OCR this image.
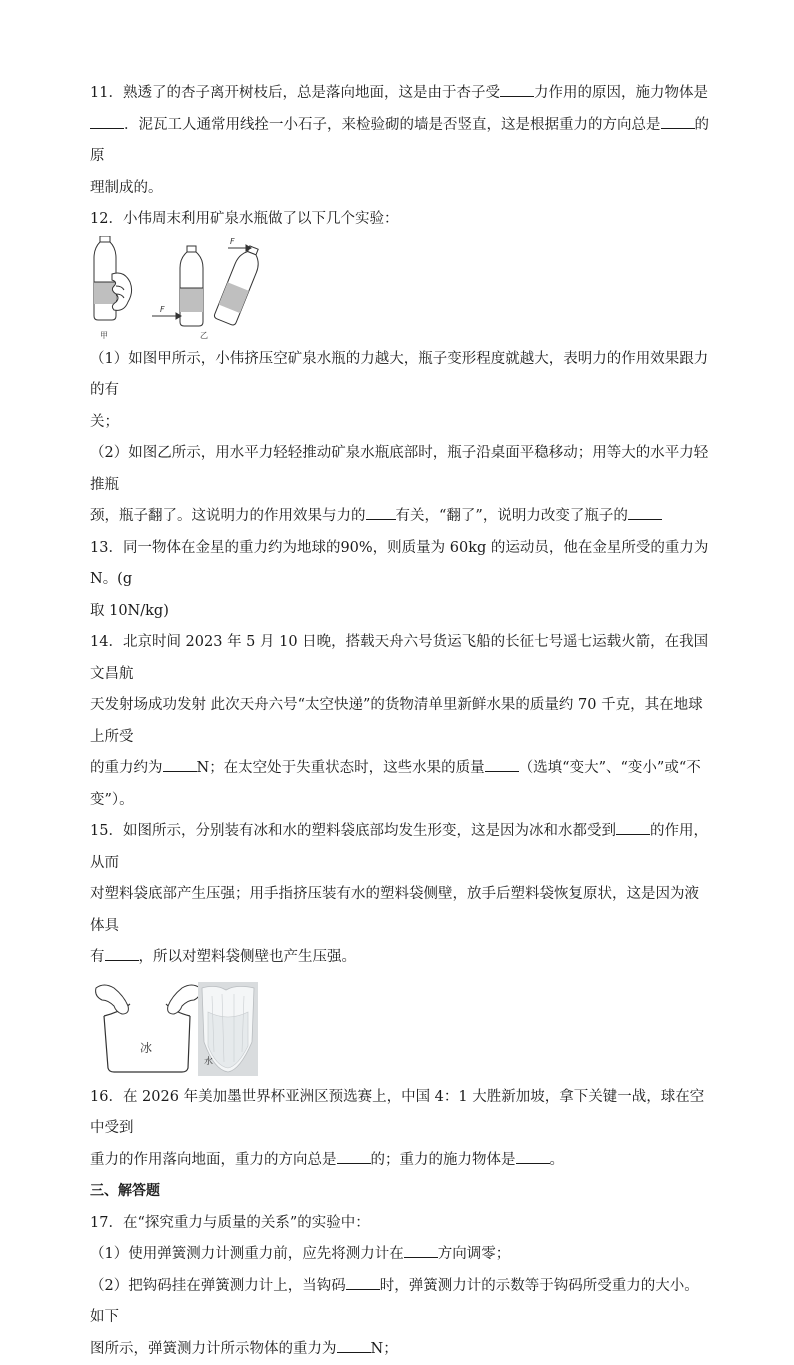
11．熟透了的杏子离开树枝后，总是落向地面，这是由于杏子受 力作用的原因，施力物体是

．泥瓦工人通常用线拴一小石子，来检验砌的墙是否竖直，这是根据重力的方向总是 的原

理制成的。

12．小伟周末利用矿泉水瓶做了以下几个实验：

F
F
甲	乙

（1）如图甲所示，小伟挤压空矿泉水瓶的力越大，瓶子变形程度就越大，表明力的作用效果跟力的有

关；

（2）如图乙所示，用水平力轻轻推动矿泉水瓶底部时，瓶子沿桌面平稳移动；用等大的水平力轻推瓶

颈，瓶子翻了。这说明力的作用效果与力的 有关，“翻了”，说明力改变了瓶子的

13．同一物体在金星的重力约为地球的90%，则质量为 60kg 的运动员，他在金星所受的重力为 N。(g

取 10N/kg)

14．北京时间 2023 年 5 月 10 日晚，搭载天舟六号货运飞船的长征七号遥七运载火箭，在我国文昌航

天发射场成功发射 此次天舟六号“太空快递”的货物清单里新鲜水果的质量约 70 千克，其在地球上所受

的重力约为 N；在太空处于失重状态时，这些水果的质量 （选填“变大”、“变小”或“不变”）。

15．如图所示，分别装有冰和水的塑料袋底部均发生形变，这是因为冰和水都受到 的作用，从而

对塑料袋底部产生压强；用手指挤压装有水的塑料袋侧壁，放手后塑料袋恢复原状，这是因为液体具

有 ，所以对塑料袋侧壁也产生压强。

冰
水

16．在 2026 年美加墨世界杯亚洲区预选赛上，中国 4：1 大胜新加坡，拿下关键一战，球在空中受到

重力的作用落向地面，重力的方向总是 的；重力的施力物体是 。

三、解答题

17．在“探究重力与质量的关系”的实验中：

（1）使用弹簧测力计测重力前，应先将测力计在 方向调零；

（2）把钩码挂在弹簧测力计上，当钩码 时，弹簧测力计的示数等于钩码所受重力的大小。如下

图所示，弹簧测力计所示物体的重力为 N；
